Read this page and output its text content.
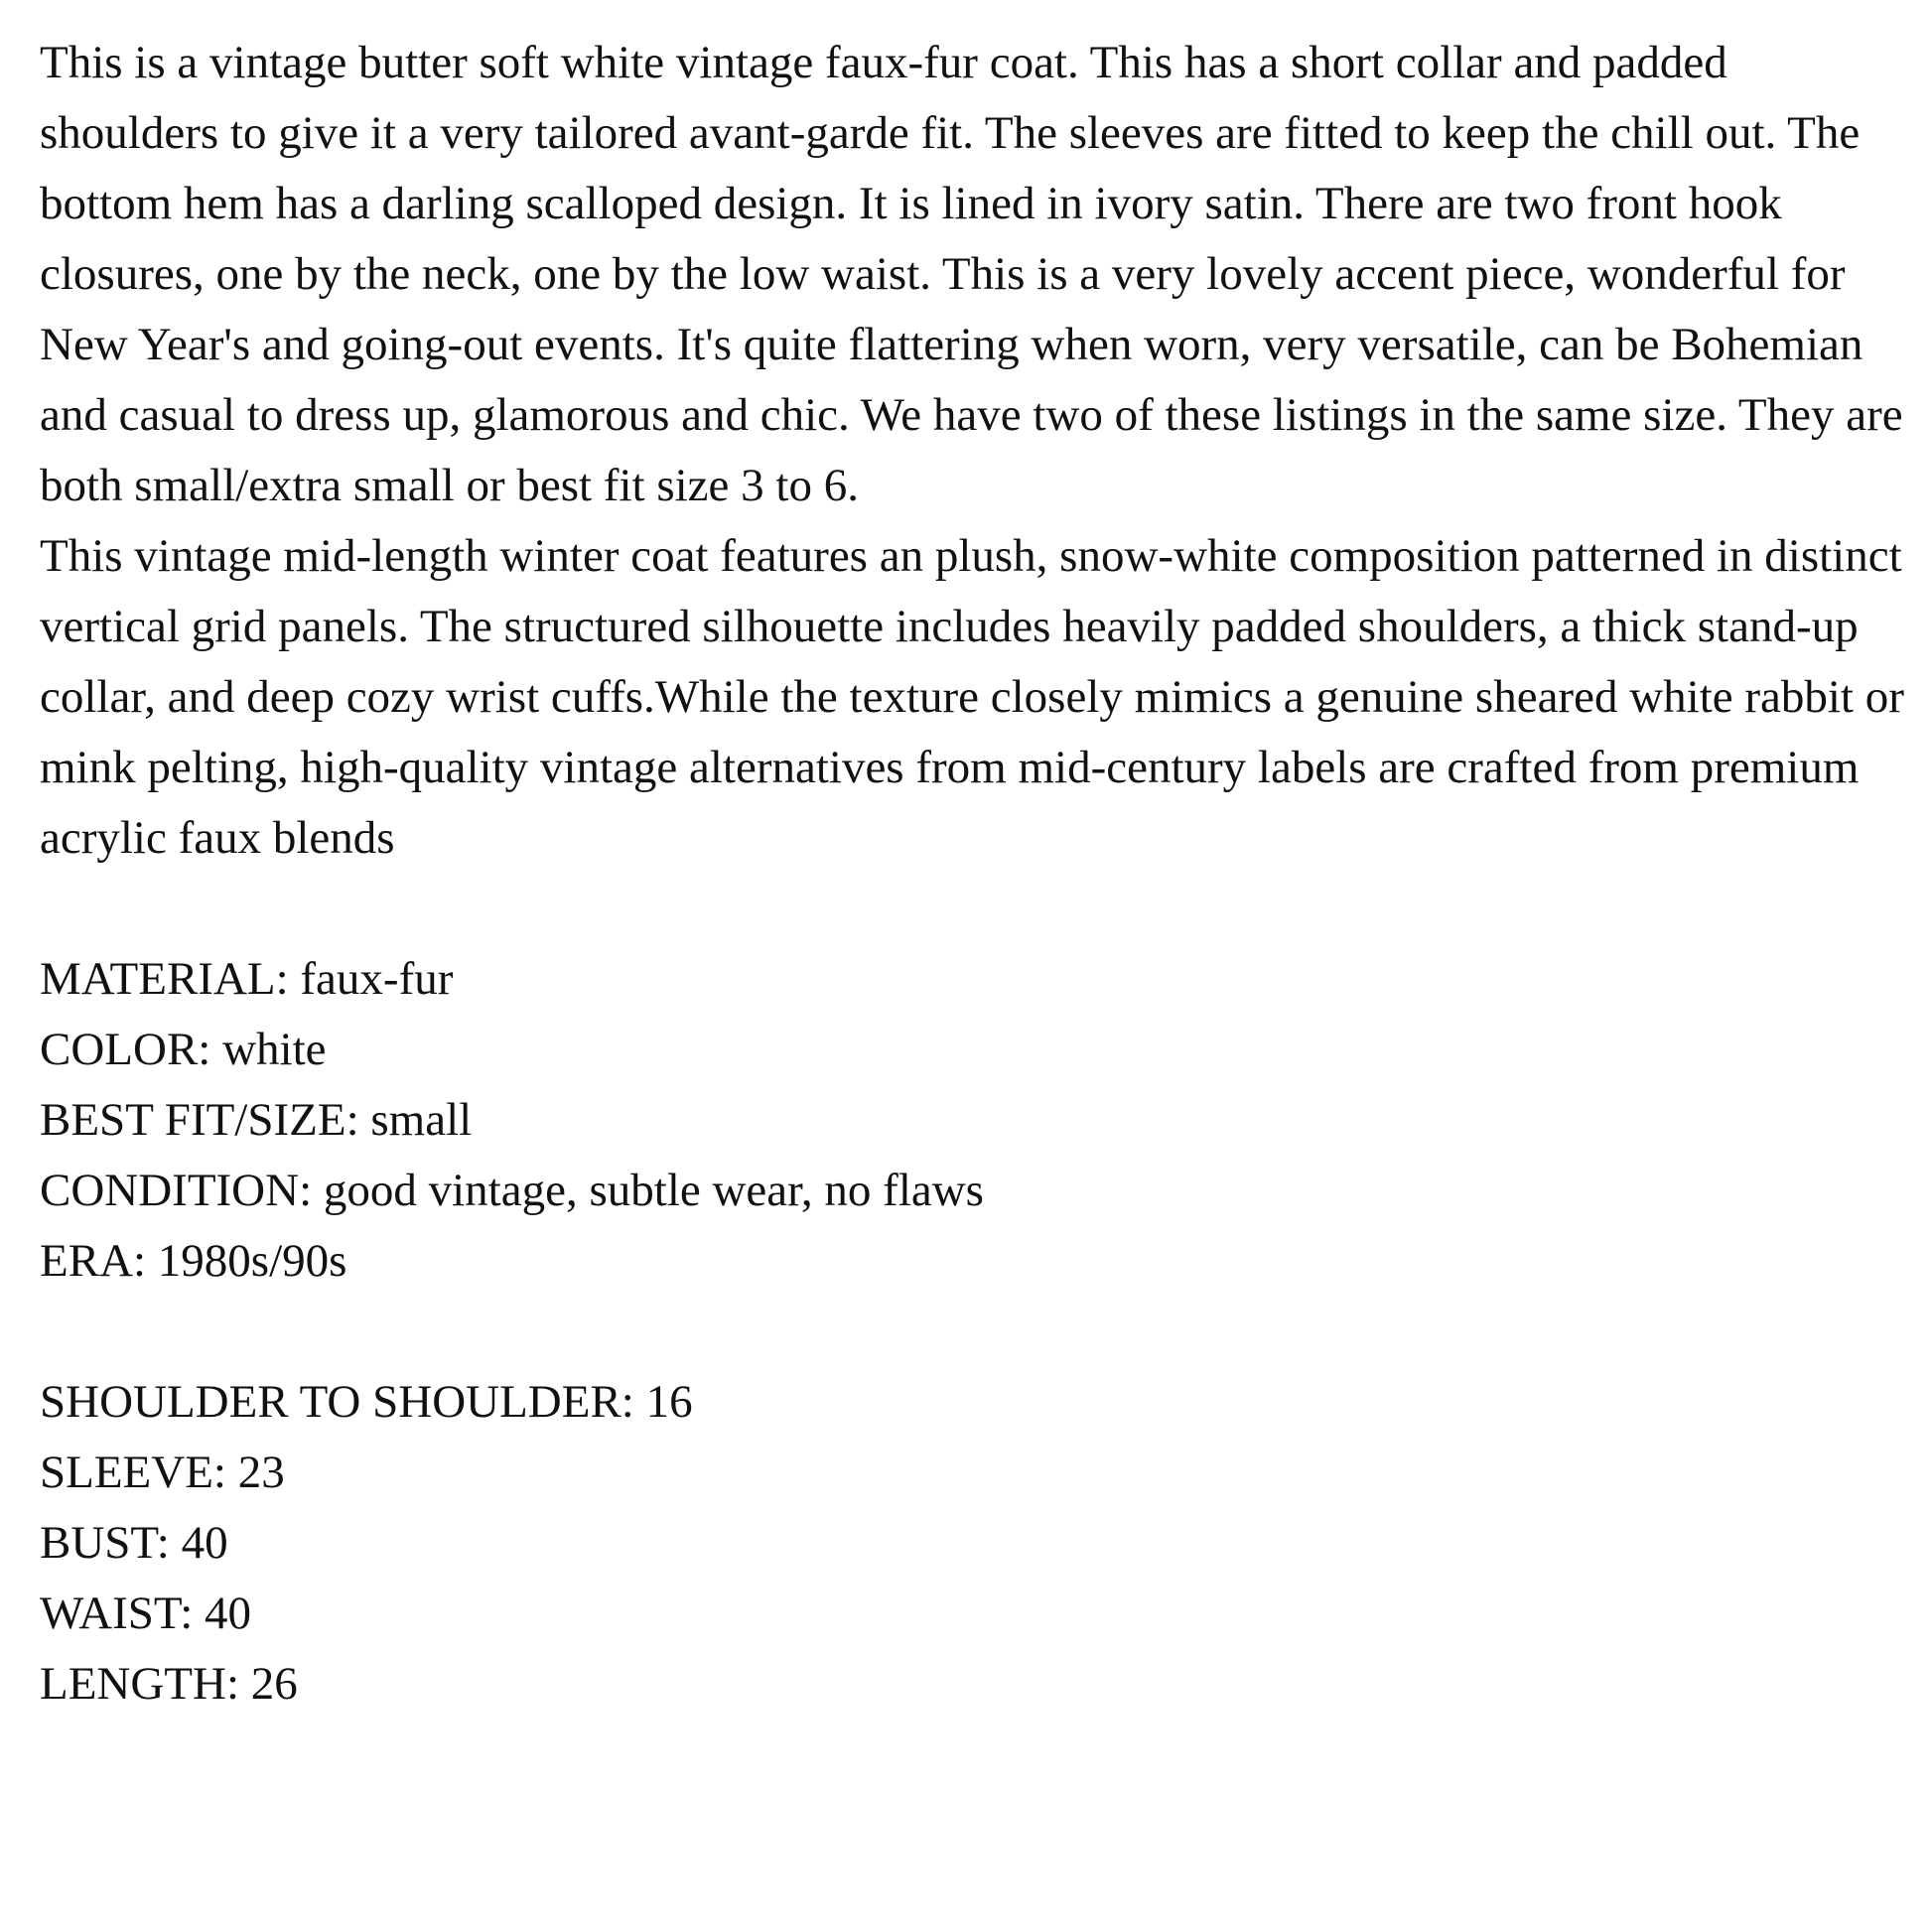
This is a vintage butter soft white vintage faux-fur coat. This has a short collar and padded shoulders to give it a very tailored avant-garde fit. The sleeves are fitted to keep the chill out. The bottom hem has a darling scalloped design. It is lined in ivory satin. There are two front hook closures, one by the neck, one by the low waist. This is a very lovely accent piece, wonderful for New Year's and going-out events. It's quite flattering when worn, very versatile, can be Bohemian and casual to dress up, glamorous and chic. We have two of these listings in the same size. They are both small/extra small or best fit size 3 to 6.

This vintage mid-length winter coat features an plush, snow-white composition patterned in distinct vertical grid panels. The structured silhouette includes heavily padded shoulders, a thick stand-up collar, and deep cozy wrist cuffs.While the texture closely mimics a genuine sheared white rabbit or mink pelting, high-quality vintage alternatives from mid-century labels are crafted from premium acrylic faux blends

MATERIAL: faux-fur

COLOR: white

BEST FIT/SIZE: small

CONDITION: good vintage, subtle wear, no flaws

ERA: 1980s/90s

SHOULDER TO SHOULDER: 16

SLEEVE: 23

BUST: 40

WAIST: 40

LENGTH: 26
